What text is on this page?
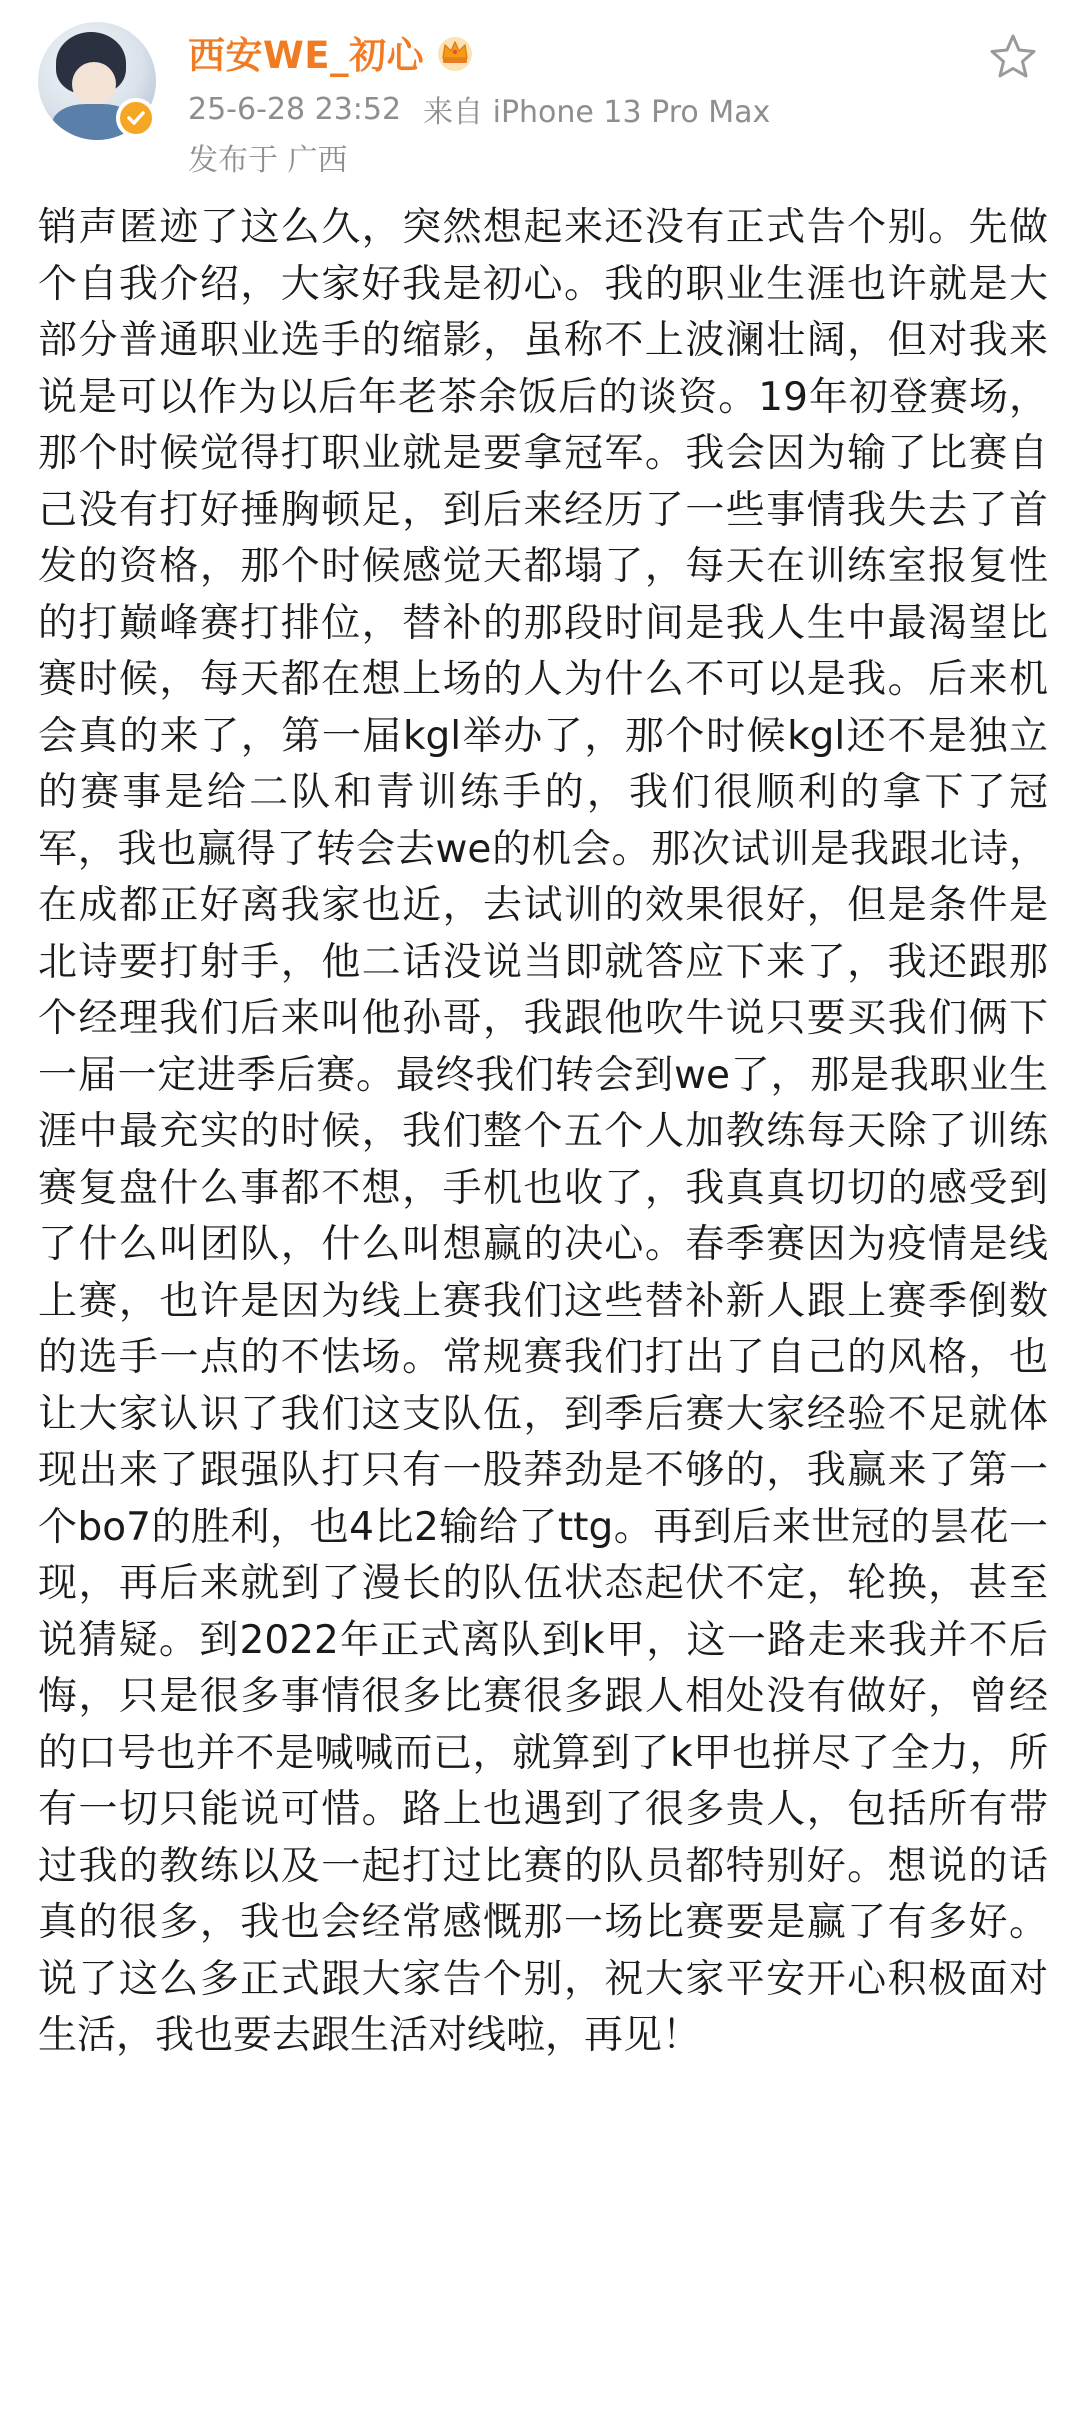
西安WE_初心
25-6-28 23:52 来自 iPhone 13 Pro Max
发布于 广西

销声匿迹了这么久，突然想起来还没有正式告个别。先做个自我介绍，大家好我是初心。我的职业生涯也许就是大部分普通职业选手的缩影，虽称不上波澜壮阔，但对我来说是可以作为以后年老茶余饭后的谈资。19年初登赛场，那个时候觉得打职业就是要拿冠军。我会因为输了比赛自己没有打好捶胸顿足，到后来经历了一些事情我失去了首发的资格，那个时候感觉天都塌了，每天在训练室报复性的打巅峰赛打排位，替补的那段时间是我人生中最渴望比赛时候，每天都在想上场的人为什么不可以是我。后来机会真的来了，第一届kgl举办了，那个时候kgl还不是独立的赛事是给二队和青训练手的，我们很顺利的拿下了冠军，我也赢得了转会去we的机会。那次试训是我跟北诗，在成都正好离我家也近，去试训的效果很好，但是条件是北诗要打射手，他二话没说当即就答应下来了，我还跟那个经理我们后来叫他孙哥，我跟他吹牛说只要买我们俩下一届一定进季后赛。最终我们转会到we了，那是我职业生涯中最充实的时候，我们整个五个人加教练每天除了训练赛复盘什么事都不想，手机也收了，我真真切切的感受到了什么叫团队，什么叫想赢的决心。春季赛因为疫情是线上赛，也许是因为线上赛我们这些替补新人跟上赛季倒数的选手一点的不怯场。常规赛我们打出了自己的风格，也让大家认识了我们这支队伍，到季后赛大家经验不足就体现出来了跟强队打只有一股莽劲是不够的，我赢来了第一个bo7的胜利，也4比2输给了ttg。再到后来世冠的昙花一现，再后来就到了漫长的队伍状态起伏不定，轮换，甚至说猜疑。到2022年正式离队到k甲，这一路走来我并不后悔，只是很多事情很多比赛很多跟人相处没有做好，曾经的口号也并不是喊喊而已，就算到了k甲也拼尽了全力，所有一切只能说可惜。路上也遇到了很多贵人，包括所有带过我的教练以及一起打过比赛的队员都特别好。想说的话真的很多，我也会经常感慨那一场比赛要是赢了有多好。说了这么多正式跟大家告个别，祝大家平安开心积极面对生活，我也要去跟生活对线啦，再见！
